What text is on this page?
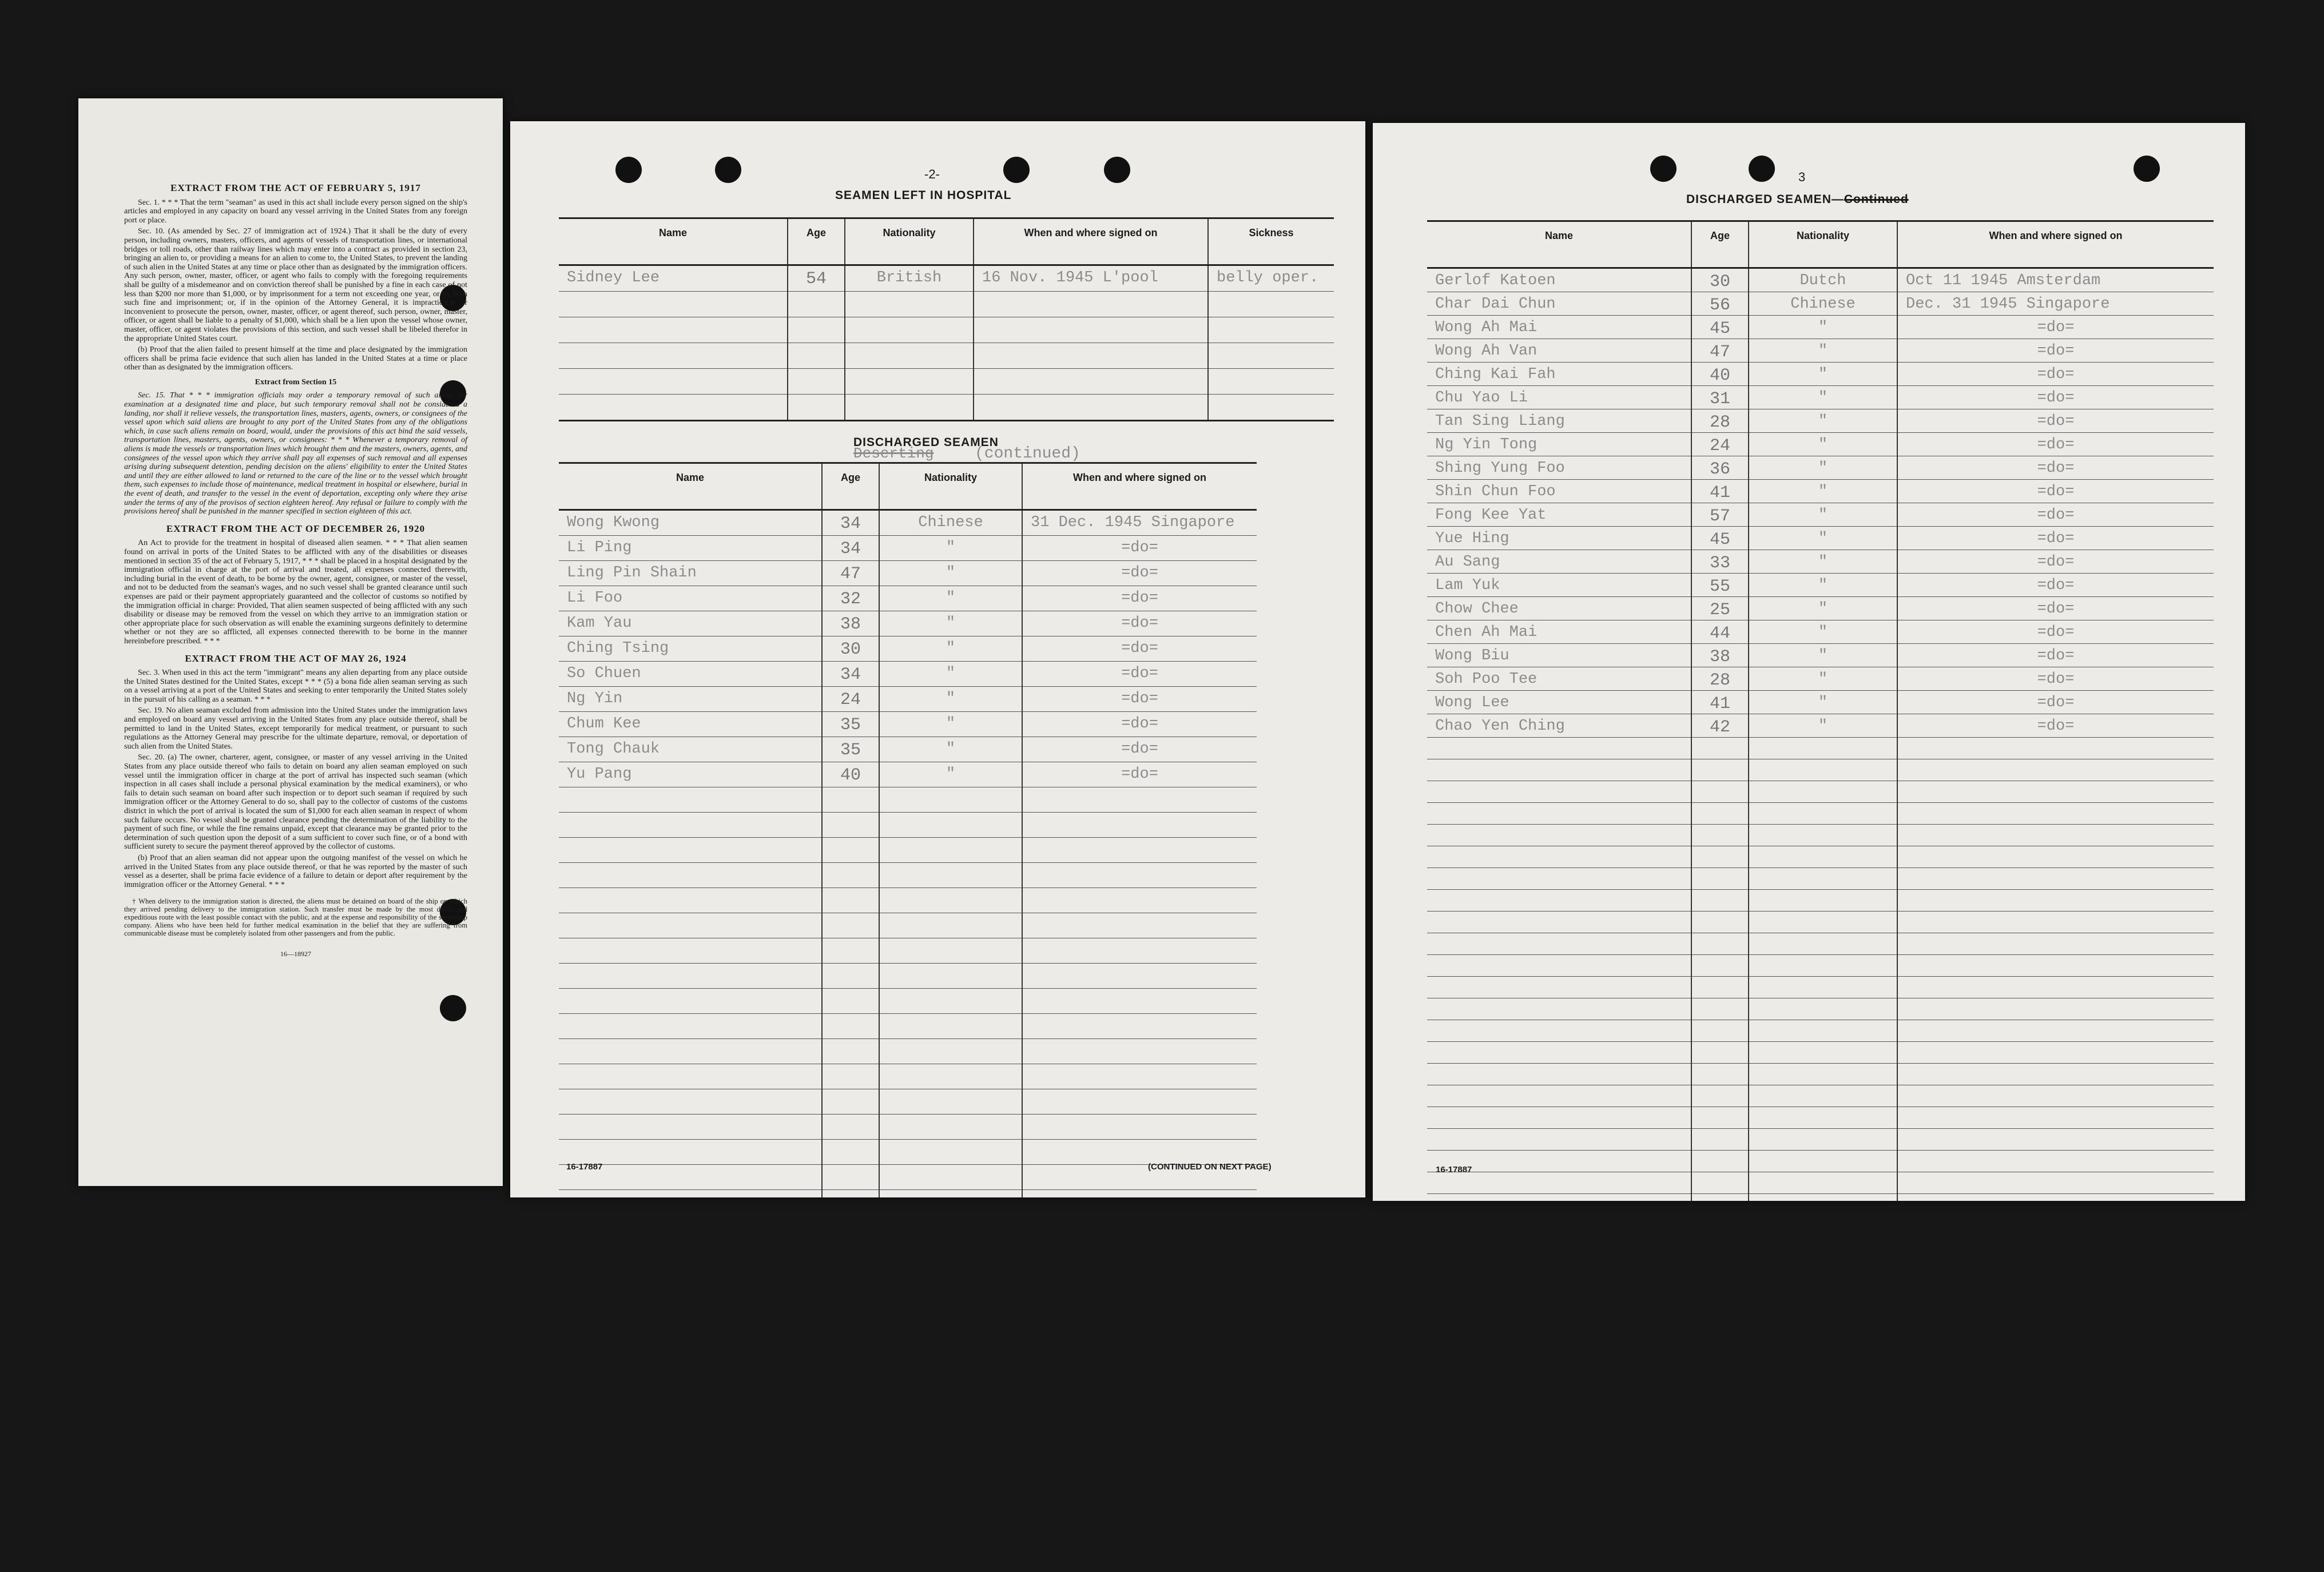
EXTRACT FROM THE ACT OF FEBRUARY 5, 1917

Sec. 1. * * * That the term "seaman" as used in this act shall include every person signed on the ship's articles and employed in any capacity on board any vessel arriving in the United States from any foreign port or place.

Sec. 10. (As amended by Sec. 27 of immigration act of 1924.) That it shall be the duty of every person, including owners, masters, officers, and agents of vessels of transportation lines, or international bridges or toll roads, other than railway lines which may enter into a contract as provided in section 23, bringing an alien to, or providing a means for an alien to come to, the United States, to prevent the landing of such alien in the United States at any time or place other than as designated by the immigration officers. Any such person, owner, master, officer, or agent who fails to comply with the foregoing requirements shall be guilty of a misdemeanor and on conviction thereof shall be punished by a fine in each case of not less than $200 nor more than $1,000, or by imprisonment for a term not exceeding one year, or by both such fine and imprisonment; or, if in the opinion of the Attorney General, it is impracticable or inconvenient to prosecute the person, owner, master, officer, or agent thereof, such person, owner, master, officer, or agent shall be liable to a penalty of $1,000, which shall be a lien upon the vessel whose owner, master, officer, or agent violates the provisions of this section, and such vessel shall be libeled therefor in the appropriate United States court.

(b) Proof that the alien failed to present himself at the time and place designated by the immigration officers shall be prima facie evidence that such alien has landed in the United States at a time or place other than as designated by the immigration officers.

Extract from Section 15

Sec. 15. That * * * immigration officials may order a temporary removal of such aliens for examination at a designated time and place, but such temporary removal shall not be considered a landing, nor shall it relieve vessels, the transportation lines, masters, agents, owners, or consignees of the vessel upon which said aliens are brought to any port of the United States from any of the obligations which, in case such aliens remain on board, would, under the provisions of this act bind the said vessels, transportation lines, masters, agents, owners, or consignees: * * * Whenever a temporary removal of aliens is made the vessels or transportation lines which brought them and the masters, owners, agents, and consignees of the vessel upon which they arrive shall pay all expenses of such removal and all expenses arising during subsequent detention, pending decision on the aliens' eligibility to enter the United States and until they are either allowed to land or returned to the care of the line or to the vessel which brought them, such expenses to include those of maintenance, medical treatment in hospital or elsewhere, burial in the event of death, and transfer to the vessel in the event of deportation, excepting only where they arise under the terms of any of the provisos of section eighteen hereof. Any refusal or failure to comply with the provisions hereof shall be punished in the manner specified in section eighteen of this act.

EXTRACT FROM THE ACT OF DECEMBER 26, 1920

An Act to provide for the treatment in hospital of diseased alien seamen. * * * That alien seamen found on arrival in ports of the United States to be afflicted with any of the disabilities or diseases mentioned in section 35 of the act of February 5, 1917, * * * shall be placed in a hospital designated by the immigration official in charge at the port of arrival and treated, all expenses connected therewith, including burial in the event of death, to be borne by the owner, agent, consignee, or master of the vessel, and not to be deducted from the seaman's wages, and no such vessel shall be granted clearance until such expenses are paid or their payment appropriately guaranteed and the collector of customs so notified by the immigration official in charge: Provided, That alien seamen suspected of being afflicted with any such disability or disease may be removed from the vessel on which they arrive to an immigration station or other appropriate place for such observation as will enable the examining surgeons definitely to determine whether or not they are so afflicted, all expenses connected therewith to be borne in the manner hereinbefore prescribed. * * *

EXTRACT FROM THE ACT OF MAY 26, 1924

Sec. 3. When used in this act the term "immigrant" means any alien departing from any place outside the United States destined for the United States, except * * * (5) a bona fide alien seaman serving as such on a vessel arriving at a port of the United States and seeking to enter temporarily the United States solely in the pursuit of his calling as a seaman. * * *

Sec. 19. No alien seaman excluded from admission into the United States under the immigration laws and employed on board any vessel arriving in the United States from any place outside thereof, shall be permitted to land in the United States, except temporarily for medical treatment, or pursuant to such regulations as the Attorney General may prescribe for the ultimate departure, removal, or deportation of such alien from the United States.

Sec. 20. (a) The owner, charterer, agent, consignee, or master of any vessel arriving in the United States from any place outside thereof who fails to detain on board any alien seaman employed on such vessel until the immigration officer in charge at the port of arrival has inspected such seaman (which inspection in all cases shall include a personal physical examination by the medical examiners), or who fails to detain such seaman on board after such inspection or to deport such seaman if required by such immigration officer or the Attorney General to do so, shall pay to the collector of customs of the customs district in which the port of arrival is located the sum of $1,000 for each alien seaman in respect of whom such failure occurs. No vessel shall be granted clearance pending the determination of the liability to the payment of such fine, or while the fine remains unpaid, except that clearance may be granted prior to the determination of such question upon the deposit of a sum sufficient to cover such fine, or of a bond with sufficient surety to secure the payment thereof approved by the collector of customs.

(b) Proof that an alien seaman did not appear upon the outgoing manifest of the vessel on which he arrived in the United States from any place outside thereof, or that he was reported by the master of such vessel as a deserter, shall be prima facie evidence of a failure to detain or deport after requirement by the immigration officer or the Attorney General. * * *

† When delivery to the immigration station is directed, the aliens must be detained on board of the ship on which they arrived pending delivery to the immigration station. Such transfer must be made by the most direct and expeditious route with the least possible contact with the public, and at the expense and responsibility of the steamship company. Aliens who have been held for further medical examination in the belief that they are suffering from communicable disease must be completely isolated from other passengers and from the public.

16—18927
-2-
SEAMEN LEFT IN HOSPITAL
Name	Age	Nationality	When and where signed on	Sickness
Sidney Lee	54	British	16 Nov. 1945 L'pool	belly oper.

DISCHARGED SEAMEN
Deserting	(continued)
Name	Age	Nationality	When and where signed on
Wong Kwong	34	Chinese	31 Dec. 1945 Singapore
Li Ping	34	"	=do=
Ling Pin Shain	47	"	=do=
Li Foo	32	"	=do=
Kam Yau	38	"	=do=
Ching Tsing	30	"	=do=
So Chuen	34	"	=do=
Ng Yin	24	"	=do=
Chum Kee	35	"	=do=
Tong Chauk	35	"	=do=
Yu Pang	40	"	=do=

16-17887	(CONTINUED ON NEXT PAGE)
3
DISCHARGED SEAMEN—Continued
Name	Age	Nationality	When and where signed on
Gerlof Katoen	30	Dutch	Oct 11 1945 Amsterdam
Char Dai Chun	56	Chinese	Dec. 31 1945 Singapore
Wong Ah Mai	45	"	=do=
Wong Ah Van	47	"	=do=
Ching Kai Fah	40	"	=do=
Chu Yao Li	31	"	=do=
Tan Sing Liang	28	"	=do=
Ng Yin Tong	24	"	=do=
Shing Yung Foo	36	"	=do=
Shin Chun Foo	41	"	=do=
Fong Kee Yat	57	"	=do=
Yue Hing	45	"	=do=
Au Sang	33	"	=do=
Lam Yuk	55	"	=do=
Chow Chee	25	"	=do=
Chen Ah Mai	44	"	=do=
Wong Biu	38	"	=do=
Soh Poo Tee	28	"	=do=
Wong Lee	41	"	=do=
Chao Yen Ching	42	"	=do=

16-17887
